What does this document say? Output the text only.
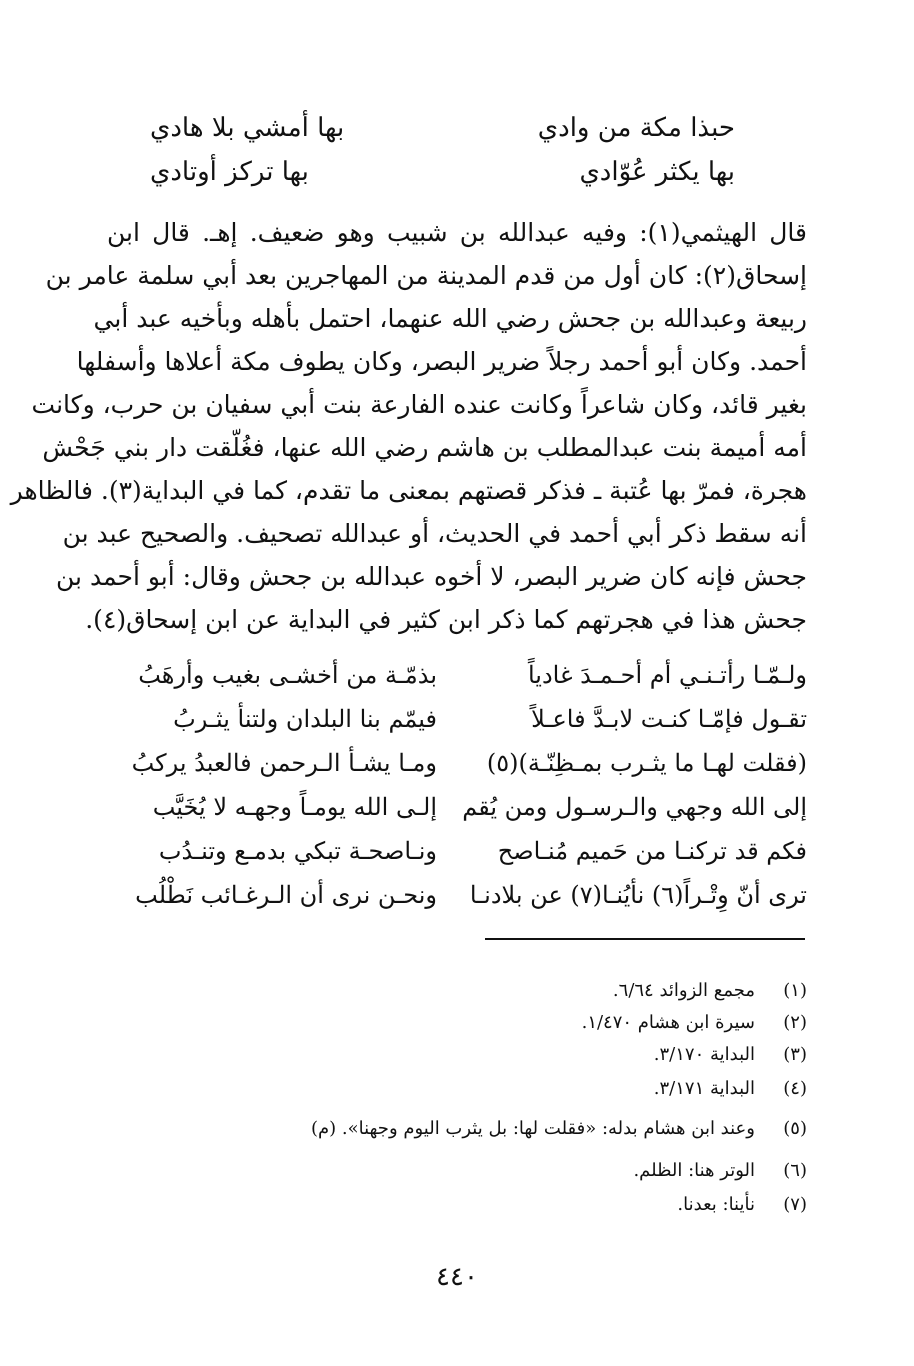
حبذا مكة من وادي
بها أمشي بلا هادي
بها يكثر عُوّادي
بها تركز أوتادي
قال الهيثمي(١): وفيه عبدالله بن شبيب وهو ضعيف. إهـ. قال ابن
إسحاق(٢): كان أول من قدم المدينة من المهاجرين بعد أبي سلمة عامر بن
ربيعة وعبدالله بن جحش رضي الله عنهما، احتمل بأهله وبأخيه عبد أبي
أحمد. وكان أبو أحمد رجلاً ضرير البصر، وكان يطوف مكة أعلاها وأسفلها
بغير قائد، وكان شاعراً وكانت عنده الفارعة بنت أبي سفيان بن حرب، وكانت
أمه أميمة بنت عبدالمطلب بن هاشم رضي الله عنها، فغُلّقت دار بني جَحْش
هجرة، فمرّ بها عُتبة ـ فذكر قصتهم بمعنى ما تقدم، كما في البداية(٣). فالظاهر
أنه سقط ذكر أبي أحمد في الحديث، أو عبدالله تصحيف. والصحيح عبد بن
جحش فإنه كان ضرير البصر، لا أخوه عبدالله بن جحش وقال: أبو أحمد بن
جحش هذا في هجرتهم كما ذكر ابن كثير في البداية عن ابن إسحاق(٤).
ولـمّـا رأتـنـي أم أحـمـدَ غادياً
بذمّـة من أخشـى بغيب وأرهَبُ
تقـول فإمّـا كنـت لابـدَّ فاعـلاً
فيمّم بنا البلدان ولتنأ يثـربُ
(فقلت لهـا ما يثـرب بمـظِنّـة)(٥)
ومـا يشـأ الـرحمن فالعبدُ يركبُ
إلى الله وجهي والـرسـول ومن يُقم
إلـى الله يومـاً وجهـه لا يُخَيَّب
فكم قد تركنـا من حَميم مُنـاصح
ونـاصحـة تبكي بدمـع وتنـدُب
ترى أنّ وِتْـراً(٦) نأيُنـا(٧) عن بلادنـا
ونحـن نرى أن الـرغـائب نَطْلُب
(١)مجمع الزوائد ٦/٦٤.
(٢)سيرة ابن هشام ١/٤٧٠.
(٣)البداية ٣/١٧٠.
(٤)البداية ٣/١٧١.
(٥)وعند ابن هشام بدله: «فقلت لها: بل يثرب اليوم وجهنا». (م)
(٦)الوتر هنا: الظلم.
(٧)نأينا: بعدنا.
٤٤٠
